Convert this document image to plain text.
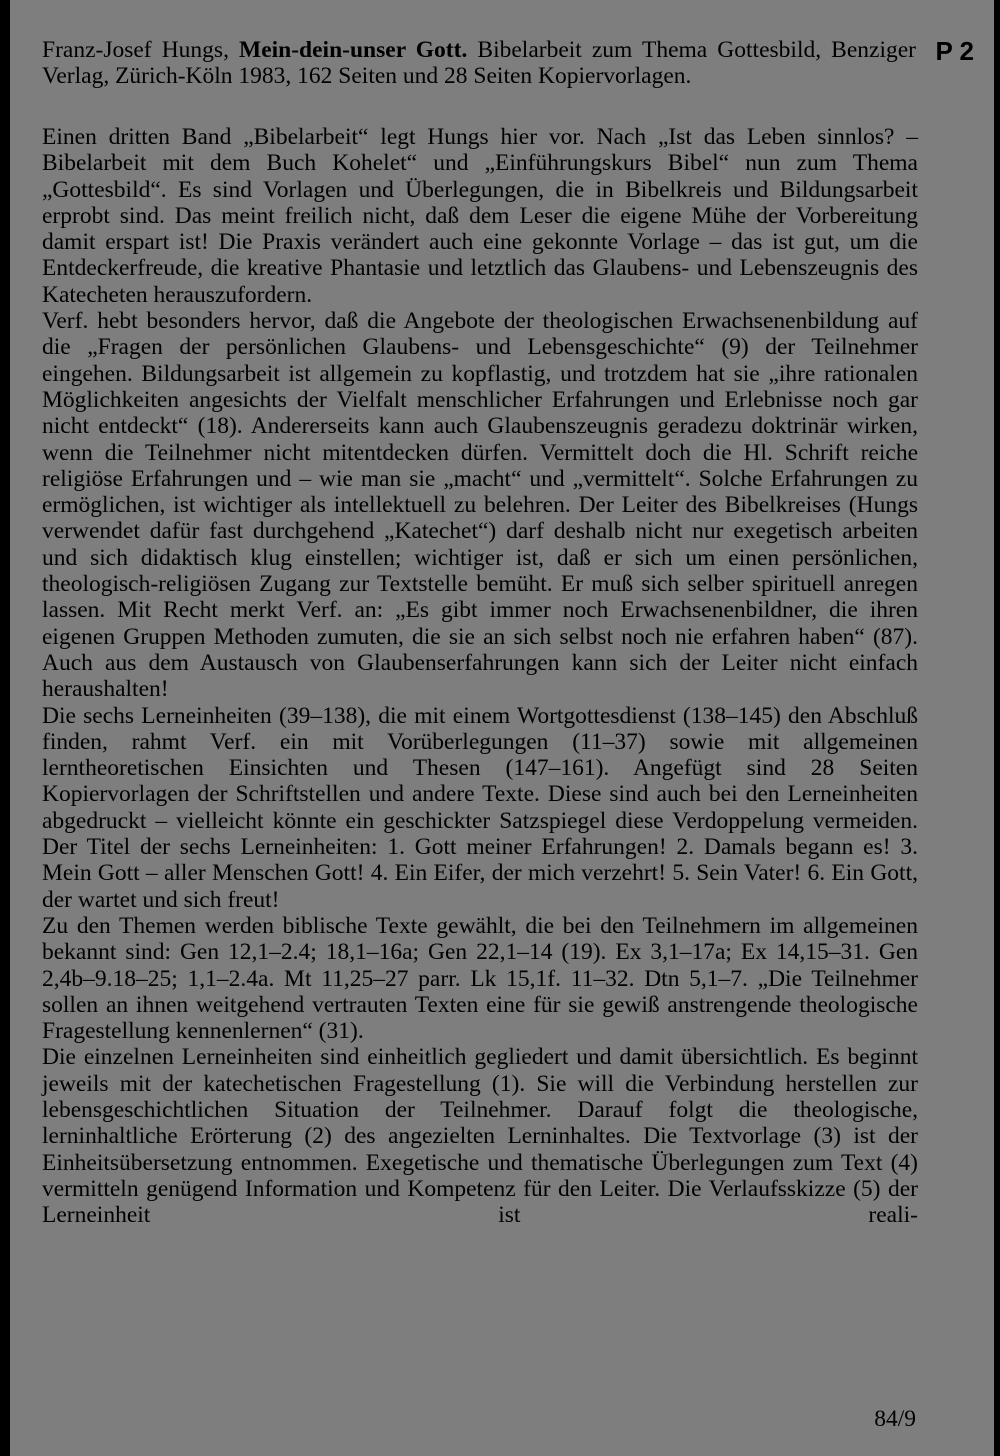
Franz-Josef Hungs, Mein-dein-unser Gott. Bibelarbeit zum Thema Gottesbild, Benziger Verlag, Zürich-Köln 1983, 162 Seiten und 28 Seiten Kopiervorlagen.
P 2

Einen dritten Band „Bibelarbeit“ legt Hungs hier vor. Nach „Ist das Leben sinnlos? – Bibelarbeit mit dem Buch Kohelet“ und „Einführungskurs Bibel“ nun zum Thema „Gottesbild“. Es sind Vorlagen und Überlegungen, die in Bibelkreis und Bildungsarbeit erprobt sind. Das meint freilich nicht, daß dem Leser die eigene Mühe der Vorbereitung damit erspart ist! Die Praxis verändert auch eine gekonnte Vorlage – das ist gut, um die Entdeckerfreude, die kreative Phantasie und letztlich das Glaubens- und Lebenszeugnis des Katecheten herauszufordern.

Verf. hebt besonders hervor, daß die Angebote der theologischen Erwachsenenbildung auf die „Fragen der persönlichen Glaubens- und Lebensgeschichte“ (9) der Teilnehmer eingehen. Bildungsarbeit ist allgemein zu kopflastig, und trotzdem hat sie „ihre rationalen Möglichkeiten angesichts der Vielfalt menschlicher Erfahrungen und Erlebnisse noch gar nicht entdeckt“ (18). Andererseits kann auch Glaubenszeugnis geradezu doktrinär wirken, wenn die Teilnehmer nicht mitentdecken dürfen. Vermittelt doch die Hl. Schrift reiche religiöse Erfahrungen und – wie man sie „macht“ und „vermittelt“. Solche Erfahrungen zu ermöglichen, ist wichtiger als intellektuell zu belehren. Der Leiter des Bibelkreises (Hungs verwendet dafür fast durchgehend „Katechet“) darf deshalb nicht nur exegetisch arbeiten und sich didaktisch klug einstellen; wichtiger ist, daß er sich um einen persönlichen, theologisch-religiösen Zugang zur Textstelle bemüht. Er muß sich selber spirituell anregen lassen. Mit Recht merkt Verf. an: „Es gibt immer noch Erwachsenenbildner, die ihren eigenen Gruppen Methoden zumuten, die sie an sich selbst noch nie erfahren haben“ (87). Auch aus dem Austausch von Glaubenserfahrungen kann sich der Leiter nicht einfach heraushalten!

Die sechs Lerneinheiten (39–138), die mit einem Wortgottesdienst (138–145) den Abschluß finden, rahmt Verf. ein mit Vorüberlegungen (11–37) sowie mit allgemeinen lerntheoretischen Einsichten und Thesen (147–161). Angefügt sind 28 Seiten Kopiervorlagen der Schriftstellen und andere Texte. Diese sind auch bei den Lerneinheiten abgedruckt – vielleicht könnte ein geschickter Satzspiegel diese Verdoppelung vermeiden. Der Titel der sechs Lerneinheiten: 1. Gott meiner Erfahrungen! 2. Damals begann es! 3. Mein Gott – aller Menschen Gott! 4. Ein Eifer, der mich verzehrt! 5. Sein Vater! 6. Ein Gott, der wartet und sich freut!

Zu den Themen werden biblische Texte gewählt, die bei den Teilnehmern im allgemeinen bekannt sind: Gen 12,1–2.4; 18,1–16a; Gen 22,1–14 (19). Ex 3,1–17a; Ex 14,15–31. Gen 2,4b–9.18–25; 1,1–2.4a. Mt 11,25–27 parr. Lk 15,1f. 11–32. Dtn 5,1–7. „Die Teilnehmer sollen an ihnen weitgehend vertrauten Texten eine für sie gewiß anstrengende theologische Fragestellung kennenlernen“ (31).

Die einzelnen Lerneinheiten sind einheitlich gegliedert und damit übersichtlich. Es beginnt jeweils mit der katechetischen Fragestellung (1). Sie will die Verbindung herstellen zur lebensgeschichtlichen Situation der Teilnehmer. Darauf folgt die theologische, lerninhaltliche Erörterung (2) des angezielten Lerninhaltes. Die Textvorlage (3) ist der Einheitsübersetzung entnommen. Exegetische und thematische Überlegungen zum Text (4) vermitteln genügend Information und Kompetenz für den Leiter. Die Verlaufsskizze (5) der Lerneinheit ist reali-

84/9
